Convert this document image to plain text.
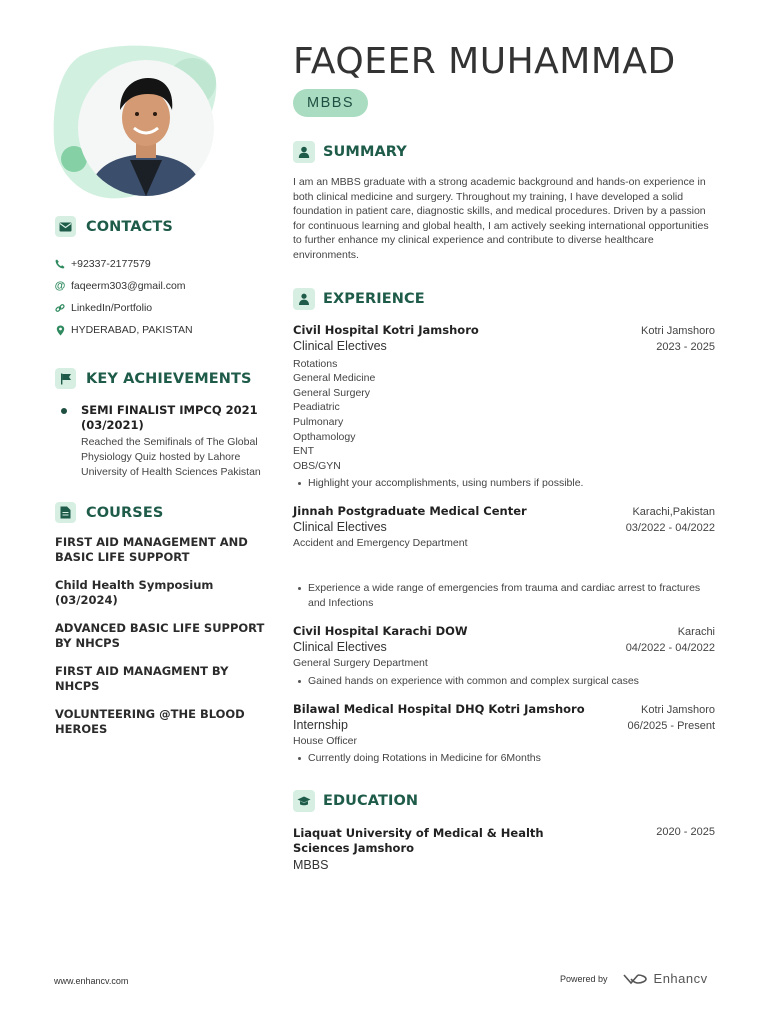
CONTACTS
+92337-2177579
@ faqeerm303@gmail.com
LinkedIn/Portfolio
HYDERABAD, PAKISTAN
KEY ACHIEVEMENTS
SEMI FINALIST IMPCQ 2021 (03/2021)
Reached the Semifinals of The Global Physiology Quiz hosted by Lahore University of Health Sciences Pakistan
COURSES
FIRST AID MANAGEMENT AND BASIC LIFE SUPPORT
Child Health Symposium (03/2024)
ADVANCED BASIC LIFE SUPPORT BY NHCPS
FIRST AID MANAGMENT BY NHCPS
VOLUNTEERING @THE BLOOD HEROES
FAQEER MUHAMMAD
MBBS
SUMMARY

I am an MBBS graduate with a strong academic background and hands-on experience in both clinical medicine and surgery. Throughout my training, I have developed a solid foundation in patient care, diagnostic skills, and medical procedures. Driven by a passion for continuous learning and global health, I am actively seeking international opportunities to further enhance my clinical experience and contribute to diverse healthcare environments.

EXPERIENCE
Civil Hospital Kotri Jamshoro	Kotri Jamshoro
Clinical Electives	2023 - 2025
Rotations
General Medicine
General Surgery
Peadiatric
Pulmonary
Opthamology
ENT
OBS/GYN
Highlight your accomplishments, using numbers if possible.
Jinnah Postgraduate Medical Center	Karachi,Pakistan
Clinical Electives	03/2022 - 04/2022
Accident and Emergency Department
Experience a wide range of emergencies from trauma and cardiac arrest to fractures and Infections
Civil Hospital Karachi DOW	Karachi
Clinical Electives	04/2022 - 04/2022
General Surgery Department
Gained hands on experience with common and complex surgical cases
Bilawal Medical Hospital DHQ Kotri Jamshoro	Kotri Jamshoro
Internship	06/2025 - Present
House Officer
Currently doing Rotations in Medicine for 6Months
EDUCATION
Liaquat University of Medical & Health Sciences Jamshoro
2020 - 2025
MBBS
www.enhancv.com	Powered by	Enhancv
